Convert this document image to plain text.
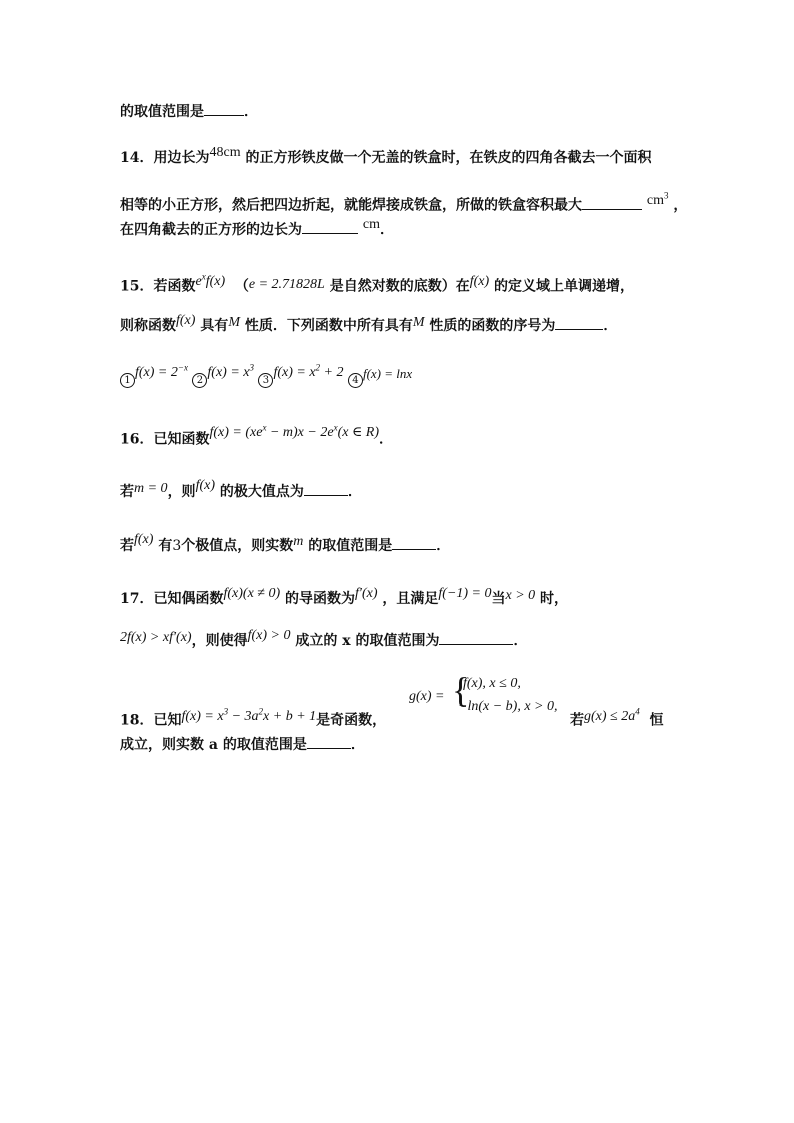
的取值范围是	．
14．用边长为48cm 的正方形铁皮做一个无盖的铁盒时，在铁皮的四角各截去一个面积
相等的小正方形，然后把四边折起，就能焊接成铁盒，所做的铁盒容积最大	$cm^3$ ，
在四角截去的正方形的边长为	cm．
15．若函数$e^xf(x) (e = 2.71828L$ 是自然对数的底数）在f(x) 的定义域上单调递增，
则称函数f(x) 具有M 性质．下列函数中所有具有M 性质的函数的序号为	．
$1f(x) = 2^{-x}$ $2f(x) = x^3$ $3f(x) = x^2 + 2$ 4 f(x) = lnx
16．已知函数$f(x) = (xe^x - m)x - 2e^x(x$ ∈ R)．
若m = 0，则f(x) 的极大值点为	．
若f(x) 有3个极值点，则实数m 的取值范围是	．
17．已知偶函数f(x)(x ≠ 0) 的导函数为f′(x) ，且满足f(−1) = 0当x > 0 时，
2f(x) > xf′(x)，则使得f(x) > 0 成立的 x 的取值范围为	．
18．已知$f(x) = x^3 - 3a^2x + b + 1$是奇函数，
g(x) = {
f(x), x ≤ 0,
−ln(x − b), x > 0,
若$g(x) \le 2a^4$  恒
成立，则实数 a 的取值范围是	．
